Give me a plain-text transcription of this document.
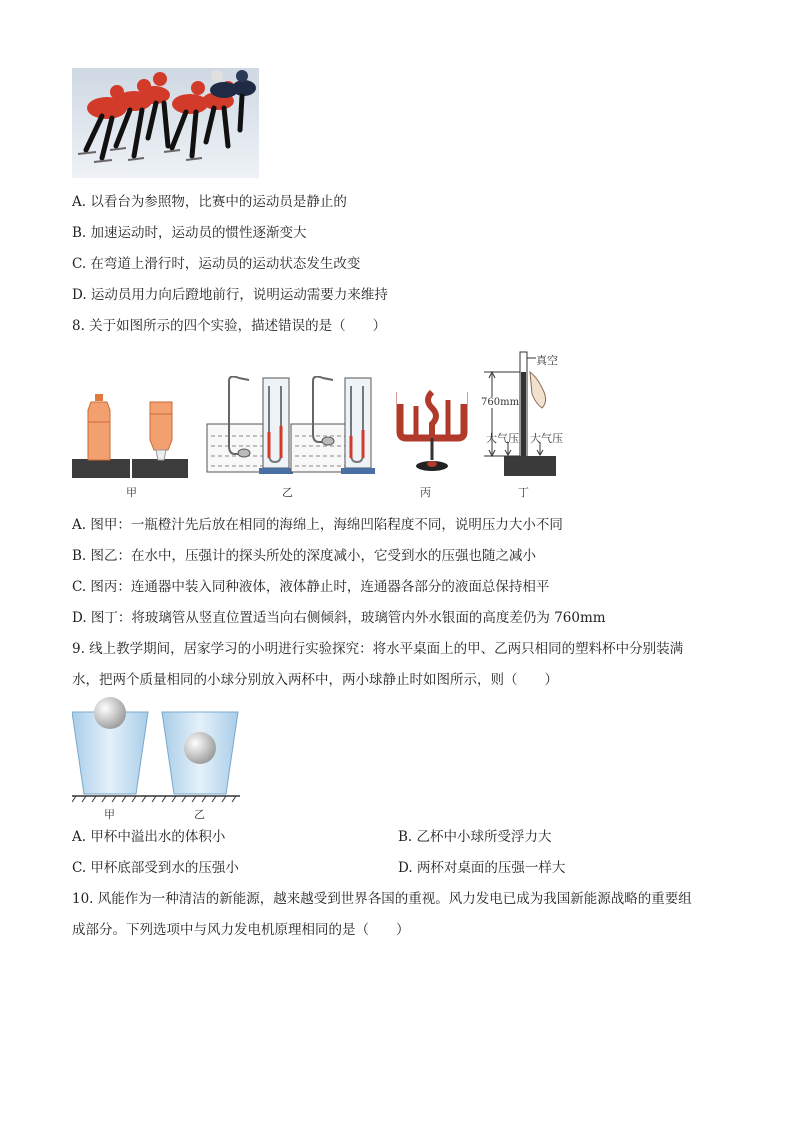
A. 以看台为参照物，比赛中的运动员是静止的
B. 加速运动时，运动员的惯性逐渐变大
C. 在弯道上滑行时，运动员的运动状态发生改变
D. 运动员用力向后蹬地前行，说明运动需要力来维持
8. 关于如图所示的四个实验，描述错误的是（　　）
甲	乙	丙
真空
760mm
大气压 大气压
丁
A. 图甲：一瓶橙汁先后放在相同的海绵上，海绵凹陷程度不同，说明压力大小不同
B. 图乙：在水中，压强计的探头所处的深度减小，它受到水的压强也随之减小
C. 图丙：连通器中装入同种液体，液体静止时，连通器各部分的液面总保持相平
D. 图丁：将玻璃管从竖直位置适当向右侧倾斜，玻璃管内外水银面的高度差仍为 760mm
9. 线上教学期间，居家学习的小明进行实验探究：将水平桌面上的甲、乙两只相同的塑料杯中分别装满
水，把两个质量相同的小球分别放入两杯中，两小球静止时如图所示，则（　　）
甲	乙
A. 甲杯中溢出水的体积小	B. 乙杯中小球所受浮力大
C. 甲杯底部受到水的压强小	D. 两杯对桌面的压强一样大
10. 风能作为一种清洁的新能源，越来越受到世界各国的重视。风力发电已成为我国新能源战略的重要组
成部分。下列选项中与风力发电机原理相同的是（　　）
